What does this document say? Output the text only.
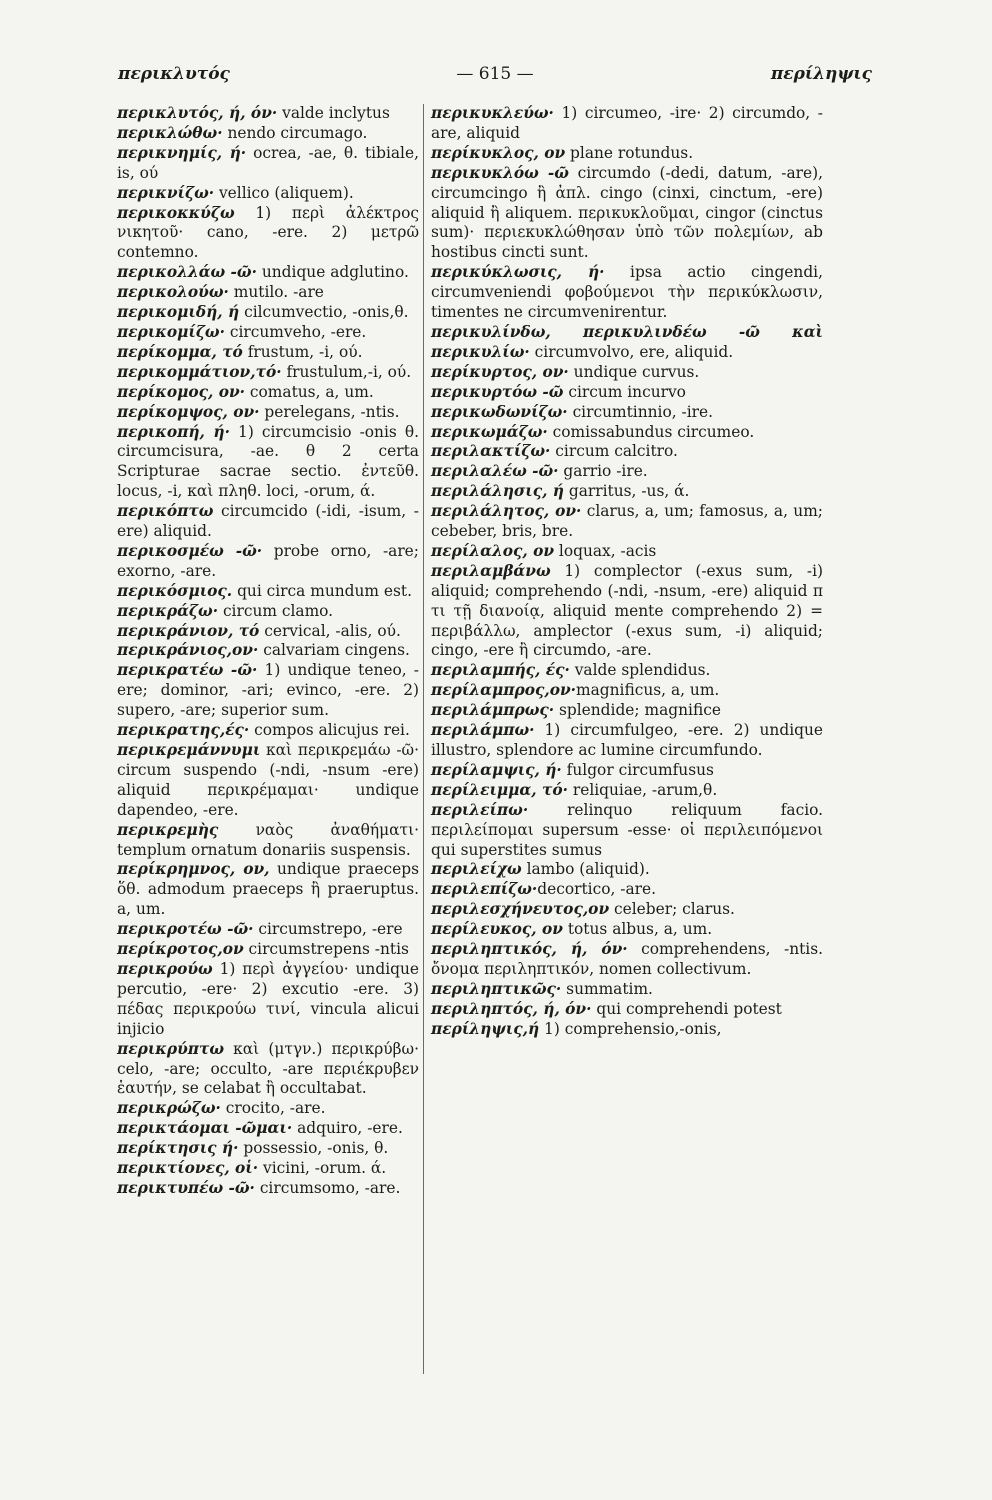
περικλυτός	— 615 —	περίληψις

περικλυτός, ή, όν· valde inclytus

περικλώθω· nendo circumago.

περικνημίς, ή· ocrea, -ae, θ. tibiale, is, ού

περικνίζω· vellico (aliquem).

περικοκκύζω 1) περὶ ἀλέκτρος νικητοῦ· cano, -ere. 2) μετρῶ contemno.

περικολλάω -ῶ· undique adglutino.

περικολούω· mutilo. -are

περικομιδή, ή cilcumvectio, -onis,θ.

περικομίζω· circumveho, -ere.

περίκομμα, τό frustum, -i, ού.

περικομμάτιον,τό· frustulum,-i, ού.

περίκομος, ον· comatus, a, um.

περίκομψος, ον· perelegans, -ntis.

περικοπή, ή· 1) circumcisio -onis θ. circumcisura, -ae. θ 2 certa Scripturae sacrae sectio. ἐντεῦθ. locus, -i, καὶ πληθ. loci, -orum, ά.

περικόπτω circumcido (-idi, -isum, -ere) aliquid.

περικοσμέω -ῶ· probe orno, -are; exorno, -are.

περικόσμιος. qui circa mundum est.

περικράζω· circum clamo.

περικράνιον, τό cervical, -alis, ού.

περικράνιος,ον· calvariam cingens.

περικρατέω -ῶ· 1) undique teneo, -ere; dominor, -ari; evinco, -ere. 2) supero, -are; superior sum.

περικρατης,ές· compos alicujus rei.

περικρεμάννυμι καὶ περικρεμάω -ῶ· circum suspendo (-ndi, -nsum -ere) aliquid περικρέμαμαι· undique dapendeo, -ere.

περικρεμὴς ναὸς ἀναθήματι· templum ornatum donariis suspensis.

περίκρημνος, ον, undique praeceps ὅθ. admodum praeceps ἢ praeruptus. a, um.

περικροτέω -ῶ· circumstrepo, -ere

περίκροτος,ον circumstrepens -ntis

περικρούω 1) περὶ ἀγγείου· undique percutio, -ere· 2) excutio -ere. 3) πέδας περικρούω τινί, vincula alicui injicio

περικρύπτω καὶ (μτγν.) περικρύβω· celo, -are; occulto, -are περιέκρυβεν ἑαυτήν, se celabat ἢ occultabat.

περικρώζω· crocito, -are.

περικτάομαι -ῶμαι· adquiro, -ere.

περίκτησις ή· possessio, -onis, θ.

περικτίονες, οἱ· vicini, -orum. ά.

περικτυπέω -ῶ· circumsomo, -are.

περικυκλεύω· 1) circumeo, -ire· 2) circumdo, -are, aliquid

περίκυκλος, ον plane rotundus.

περικυκλόω -ῶ circumdo (-dedi, datum, -are), circumcingo ἢ ἀπλ. cingo (cinxi, cinctum, -ere) aliquid ἢ aliquem. περικυκλοῦμαι, cingor (cinctus sum)· περιεκυκλώθησαν ὑπὸ τῶν πολεμίων, ab hostibus cincti sunt.

περικύκλωσις, ή· ipsa actio cingendi, circumveniendi φοβούμενοι τὴν περικύκλωσιν, timentes ne circumvenirentur.

περικυλίνδω, περικυλινδέω -ῶ καὶ περικυλίω· circumvolvo, ere, aliquid.

περίκυρτος, ον· undique curvus.

περικυρτόω -ῶ circum incurvo

περικωδωνίζω· circumtinnio, -ire.

περικωμάζω· comissabundus circumeo.

περιλακτίζω· circum calcitro.

περιλαλέω -ῶ· garrio -ire.

περιλάλησις, ή garritus, -us, ά.

περιλάλητος, ον· clarus, a, um; famosus, a, um; cebeber, bris, bre.

περίλαλος, ον loquax, -acis

περιλαμβάνω 1) complector (-exus sum, -i) aliquid; comprehendo (-ndi, -nsum, -ere) aliquid π τι τῇ διανοίᾳ, aliquid mente comprehendo 2) = περιβάλλω, amplector (-exus sum, -i) aliquid; cingo, -ere ἢ circumdo, -are.

περιλαμπής, ές· valde splendidus.

περίλαμπρος,ον·magnificus, a, um.

περιλάμπρως· splendide; magnifice

περιλάμπω· 1) circumfulgeo, -ere. 2) undique illustro, splendore ac lumine circumfundo.

περίλαμψις, ή· fulgor circumfusus

περίλειμμα, τό· reliquiae, -arum,θ.

περιλείπω· relinquo reliquum facio. περιλείπομαι supersum -esse· οἱ περιλειπόμενοι qui superstites sumus

περιλείχω lambo (aliquid).

περιλεπίζω·decortico, -are.

περιλεσχήνευτος,ον celeber; clarus.

περίλευκος, ον totus albus, a, um.

περιληπτικός, ή, όν· comprehendens, -ntis. ὄνομα περιληπτικόν, nomen collectivum.

περιληπτικῶς· summatim.

περιληπτός, ή, όν· qui comprehendi potest

περίληψις,ή 1) comprehensio,-onis,
